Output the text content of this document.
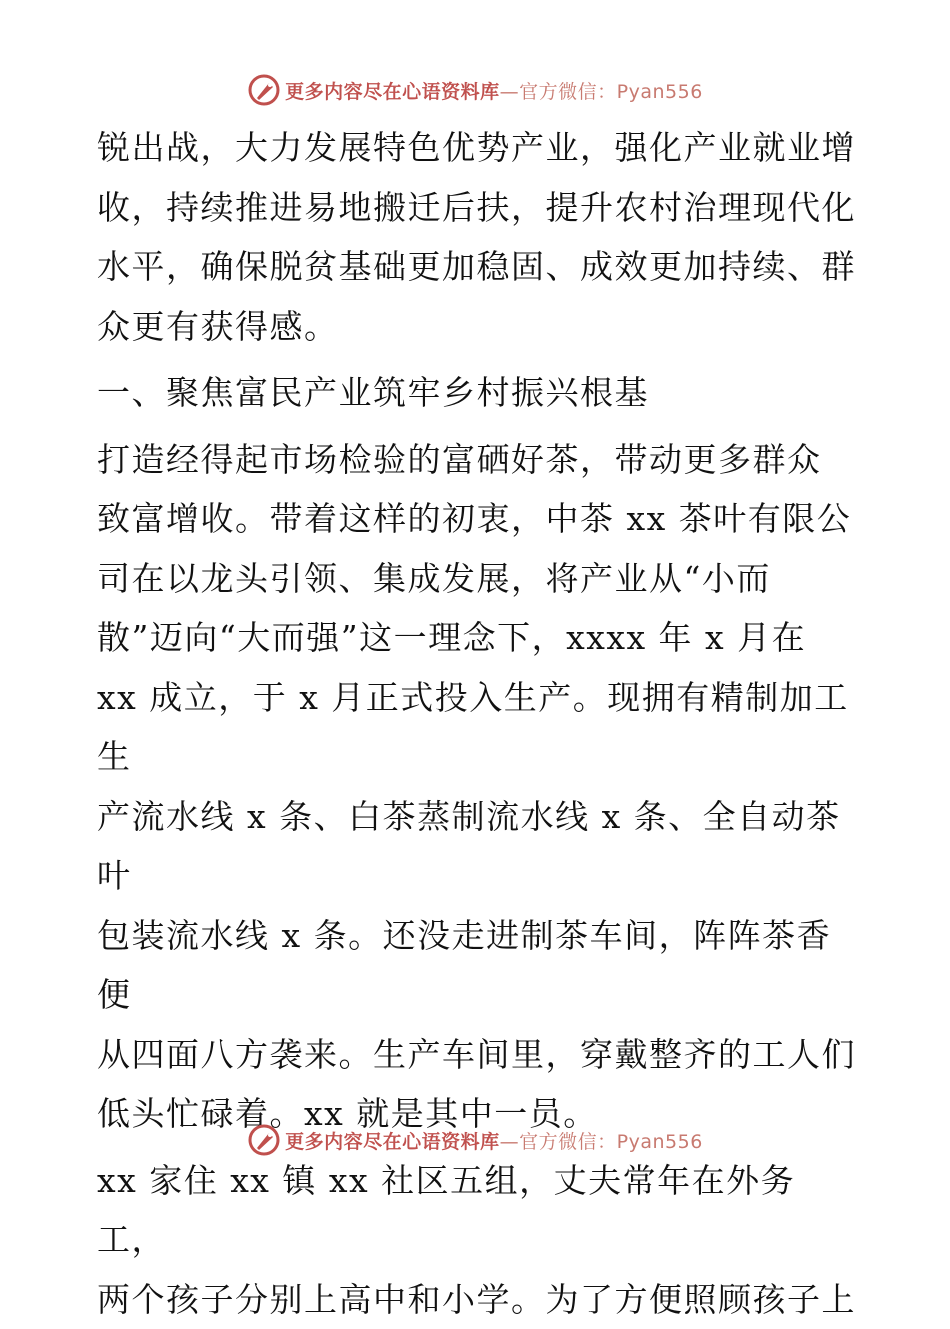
更多内容尽在心语资料库—官方微信：Pyan556

锐出战，大力发展特色优势产业，强化产业就业增
收，持续推进易地搬迁后扶，提升农村治理现代化
水平，确保脱贫基础更加稳固、成效更加持续、群
众更有获得感。

一、聚焦富民产业筑牢乡村振兴根基

打造经得起市场检验的富硒好茶，带动更多群众
致富增收。带着这样的初衷，中茶 xx 茶叶有限公
司在以龙头引领、集成发展，将产业从“小而
散”迈向“大而强”这一理念下，xxxx 年 x 月在
xx 成立，于 x 月正式投入生产。现拥有精制加工生
产流水线 x 条、白茶蒸制流水线 x 条、全自动茶叶
包装流水线 x 条。还没走进制茶车间，阵阵茶香便
从四面八方袭来。生产车间里，穿戴整齐的工人们
低头忙碌着。xx 就是其中一员。

xx 家住 xx 镇 xx 社区五组，丈夫常年在外务工，
两个孩子分别上高中和小学。为了方便照顾孩子上

更多内容尽在心语资料库—官方微信：Pyan556
